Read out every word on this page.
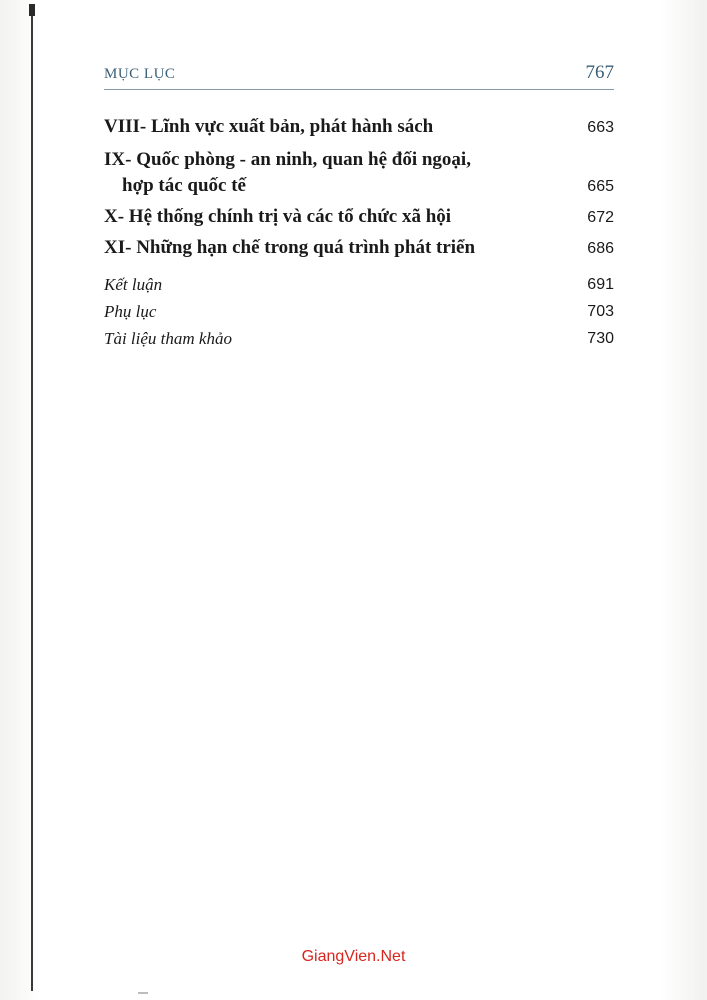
MỤC LỤC	767
VIII- Lĩnh vực xuất bản, phát hành sách	663
IX- Quốc phòng - an ninh, quan hệ đối ngoại,
hợp tác quốc tế	665
X- Hệ thống chính trị và các tổ chức xã hội	672
XI- Những hạn chế trong quá trình phát triển	686
Kết luận	691
Phụ lục	703
Tài liệu tham khảo	730
GiangVien.Net
